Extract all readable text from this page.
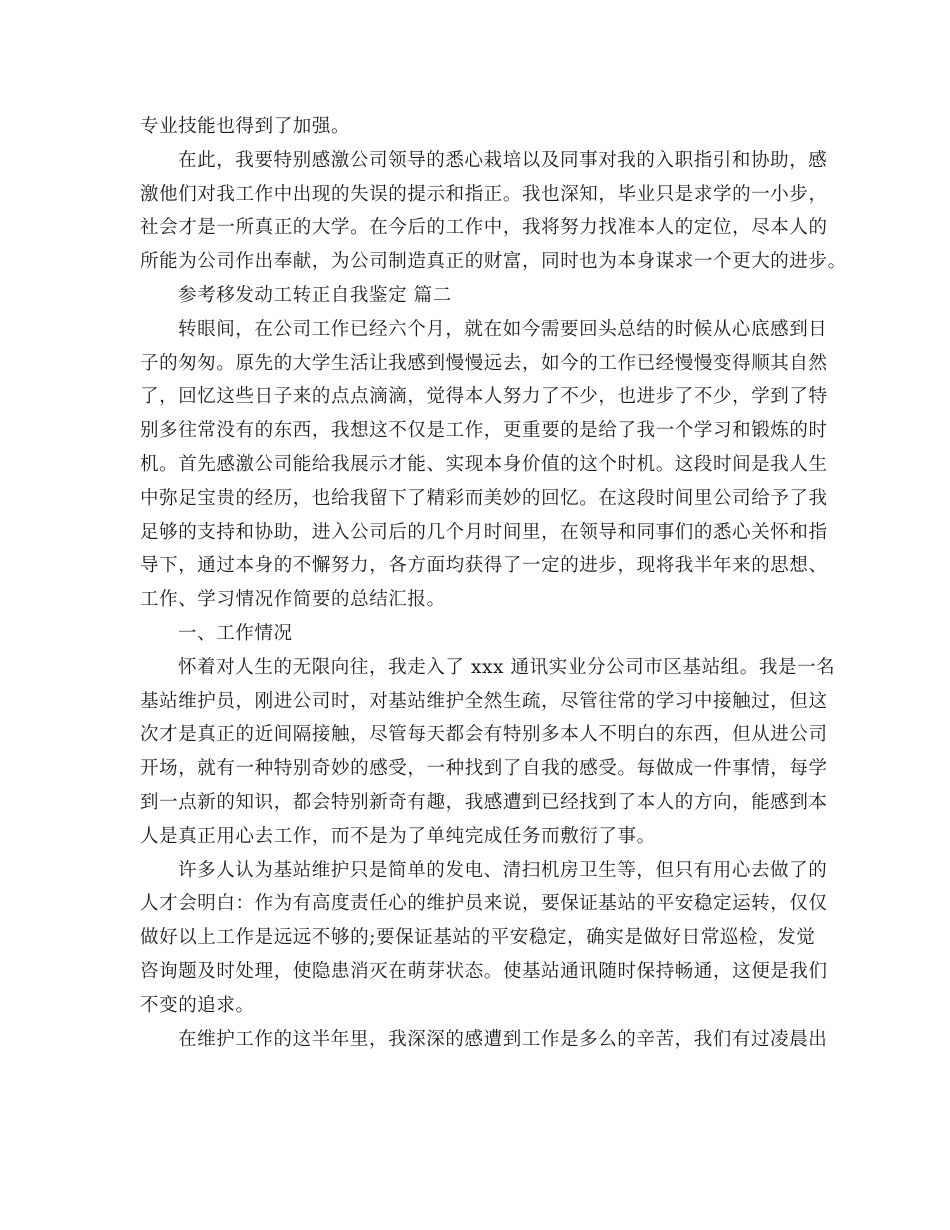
专业技能也得到了加强。
在此，我要特别感激公司领导的悉心栽培以及同事对我的入职指引和协助，感
激他们对我工作中出现的失误的提示和指正。我也深知，毕业只是求学的一小步，
社会才是一所真正的大学。在今后的工作中，我将努力找准本人的定位，尽本人的
所能为公司作出奉献，为公司制造真正的财富，同时也为本身谋求一个更大的进步。
参考移发动工转正自我鉴定 篇二
转眼间，在公司工作已经六个月，就在如今需要回头总结的时候从心底感到日
子的匆匆。原先的大学生活让我感到慢慢远去，如今的工作已经慢慢变得顺其自然
了，回忆这些日子来的点点滴滴，觉得本人努力了不少，也进步了不少，学到了特
别多往常没有的东西，我想这不仅是工作，更重要的是给了我一个学习和锻炼的时
机。首先感激公司能给我展示才能、实现本身价值的这个时机。这段时间是我人生
中弥足宝贵的经历，也给我留下了精彩而美妙的回忆。在这段时间里公司给予了我
足够的支持和协助，进入公司后的几个月时间里，在领导和同事们的悉心关怀和指
导下，通过本身的不懈努力，各方面均获得了一定的进步，现将我半年来的思想、
工作、学习情况作简要的总结汇报。
一、工作情况
怀着对人生的无限向往，我走入了 xxx 通讯实业分公司市区基站组。我是一名
基站维护员，刚进公司时，对基站维护全然生疏，尽管往常的学习中接触过，但这
次才是真正的近间隔接触，尽管每天都会有特别多本人不明白的东西，但从进公司
开场，就有一种特别奇妙的感受，一种找到了自我的感受。每做成一件事情，每学
到一点新的知识，都会特别新奇有趣，我感遭到已经找到了本人的方向，能感到本
人是真正用心去工作，而不是为了单纯完成任务而敷衍了事。
许多人认为基站维护只是简单的发电、清扫机房卫生等，但只有用心去做了的
人才会明白：作为有高度责任心的维护员来说，要保证基站的平安稳定运转，仅仅
做好以上工作是远远不够的;要保证基站的平安稳定，确实是做好日常巡检，发觉
咨询题及时处理，使隐患消灭在萌芽状态。使基站通讯随时保持畅通，这便是我们
不变的追求。
在维护工作的这半年里，我深深的感遭到工作是多么的辛苦，我们有过凌晨出
